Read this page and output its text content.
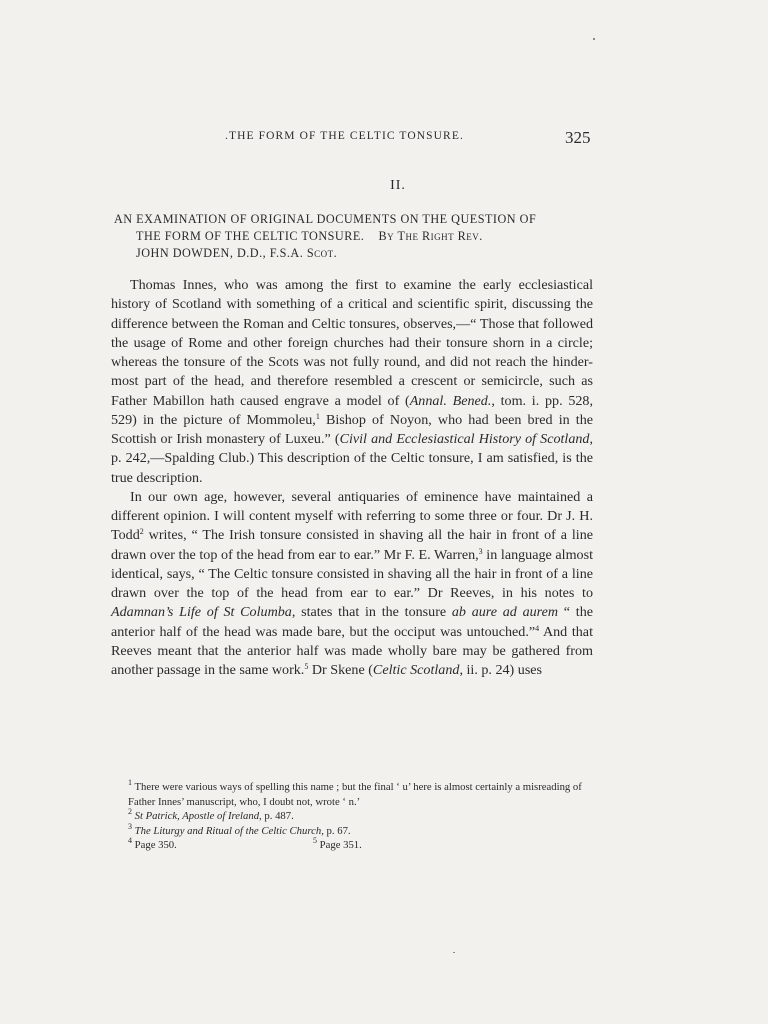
.THE FORM OF THE CELTIC TONSURE.	325
II.
AN EXAMINATION OF ORIGINAL DOCUMENTS ON THE QUESTION OF
THE FORM OF THE CELTIC TONSURE. By The Right Rev.
JOHN DOWDEN, D.D., F.S.A. Scot.

Thomas Innes, who was among the first to examine the early ecclesiastical history of Scotland with something of a critical and scientific spirit, discussing the difference between the Roman and Celtic tonsures, observes,—“ Those that followed the usage of Rome and other foreign churches had their tonsure shorn in a circle; whereas the tonsure of the Scots was not fully round, and did not reach the hinder-most part of the head, and therefore resembled a crescent or semicircle, such as Father Mabillon hath caused engrave a model of (Annal. Bened., tom. i. pp. 528, 529) in the picture of Mommoleu,$^1$ Bishop of Noyon, who had been bred in the Scottish or Irish monastery of Luxeu.” (Civil and Ecclesiastical History of Scotland, p. 242,—Spalding Club.) This description of the Celtic tonsure, I am satisfied, is the true description.

In our own age, however, several antiquaries of eminence have maintained a different opinion. I will content myself with referring to some three or four. Dr J. H. Todd$^2$ writes, “ The Irish tonsure consisted in shaving all the hair in front of a line drawn over the top of the head from ear to ear.” Mr F. E. Warren,$^3$ in language almost identical, says, “ The Celtic tonsure consisted in shaving all the hair in front of a line drawn over the top of the head from ear to ear.” Dr Reeves, in his notes to Adamnan’s Life of St Columba, states that in the tonsure ab aure ad aurem “ the anterior half of the head was made bare, but the occiput was untouched.”$^4$ And that Reeves meant that the anterior half was made wholly bare may be gathered from another passage in the same work.$^5$ Dr Skene (Celtic Scotland, ii. p. 24) uses

$^1$ There were various ways of spelling this name ; but the final ‘ u’ here is almost certainly a misreading of Father Innes’ manuscript, who, I doubt not, wrote ‘ n.’
$^2$ St Patrick, Apostle of Ireland, p. 487.
$^3$ The Liturgy and Ritual of the Celtic Church, p. 67.
$^4$ Page 350.	$^5$ Page 351.
